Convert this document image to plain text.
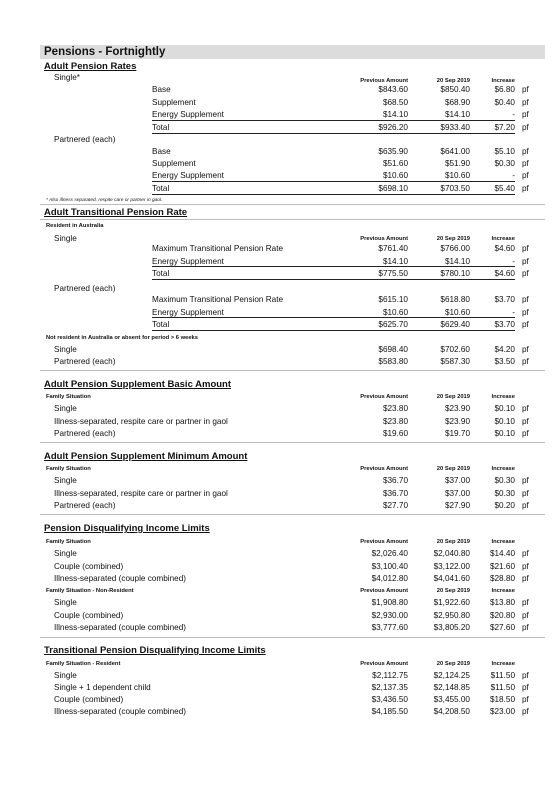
Pensions - Fortnightly
Adult Pension Rates
Single*	Previous Amount	20 Sep 2019	Increase
Base	$843.60	$850.40	$6.80 pf
Supplement	$68.50	$68.90	$0.40 pf
Energy Supplement	$14.10	$14.10	- pf
Total	$926.20	$933.40	$7.20 pf
Partnered (each)
Base	$635.90	$641.00	$5.10 pf
Supplement	$51.60	$51.90	$0.30 pf
Energy Supplement	$10.60	$10.60	- pf
Total	$698.10	$703.50	$5.40 pf
* Also illness separated, respite care or partner in gaol.
Adult Transitional Pension Rate
Resident in Australia
Single	Previous Amount	20 Sep 2019	Increase
Maximum Transitional Pension Rate	$761.40	$766.00	$4.60 pf
Energy Supplement	$14.10	$14.10	- pf
Total	$775.50	$780.10	$4.60 pf
Partnered (each)
Maximum Transitional Pension Rate	$615.10	$618.80	$3.70 pf
Energy Supplement	$10.60	$10.60	- pf
Total	$625.70	$629.40	$3.70 pf
Not resident in Australia or absent for period > 6 weeks
Single	$698.40	$702.60	$4.20 pf
Partnered (each)	$583.80	$587.30	$3.50 pf
Adult Pension Supplement Basic Amount
Family Situation	Previous Amount	20 Sep 2019	Increase
Single	$23.80	$23.90	$0.10 pf
Illness-separated, respite care or partner in gaol	$23.80	$23.90	$0.10 pf
Partnered (each)	$19.60	$19.70	$0.10 pf
Adult Pension Supplement Minimum Amount
Family Situation	Previous Amount	20 Sep 2019	Increase
Single	$36.70	$37.00	$0.30 pf
Illness-separated, respite care or partner in gaol	$36.70	$37.00	$0.30 pf
Partnered (each)	$27.70	$27.90	$0.20 pf
Pension Disqualifying Income Limits
Family Situation	Previous Amount	20 Sep 2019	Increase
Single	$2,026.40	$2,040.80	$14.40 pf
Couple (combined)	$3,100.40	$3,122.00	$21.60 pf
Illness-separated (couple combined)	$4,012.80	$4,041.60	$28.80 pf
Family Situation - Non-Resident	Previous Amount	20 Sep 2019	Increase
Single	$1,908.80	$1,922.60	$13.80 pf
Couple (combined)	$2,930.00	$2,950.80	$20.80 pf
Illness-separated (couple combined)	$3,777.60	$3,805.20	$27.60 pf
Transitional Pension Disqualifying Income Limits
Family Situation - Resident	Previous Amount	20 Sep 2019	Increase
Single	$2,112.75	$2,124.25	$11.50 pf
Single + 1 dependent child	$2,137.35	$2,148.85	$11.50 pf
Couple (combined)	$3,436.50	$3,455.00	$18.50 pf
Illness-separated (couple combined)	$4,185.50	$4,208.50	$23.00 pf
